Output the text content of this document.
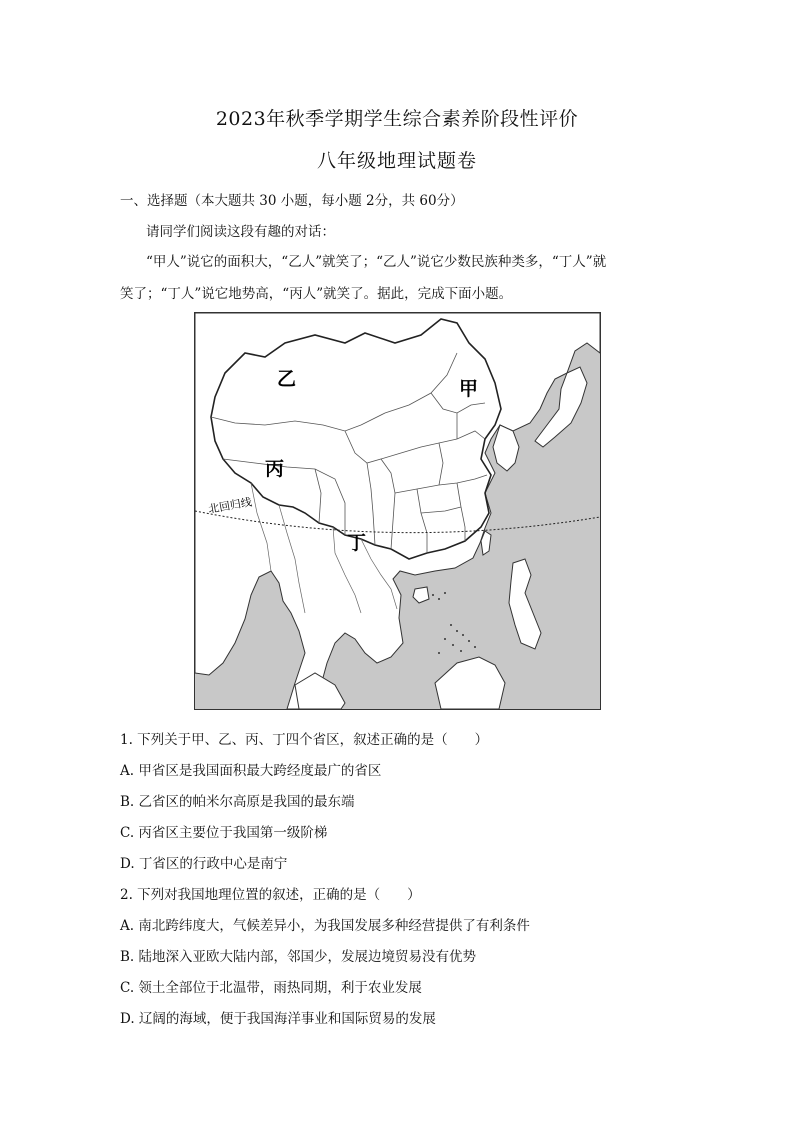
2023年秋季学期学生综合素养阶段性评价
八年级地理试题卷
一、选择题（本大题共 30 小题，每小题 2分，共 60分）
请同学们阅读这段有趣的对话：
“甲人”说它的面积大，“乙人”就笑了；“乙人”说它少数民族种类多，“丁人”就
笑了；“丁人”说它地势高，“丙人”就笑了。据此，完成下面小题。
北回归线
甲
乙
丙
丁
1. 下列关于甲、乙、丙、丁四个省区，叙述正确的是（　　）
A. 甲省区是我国面积最大跨经度最广的省区
B. 乙省区的帕米尔高原是我国的最东端
C. 丙省区主要位于我国第一级阶梯
D. 丁省区的行政中心是南宁
2. 下列对我国地理位置的叙述，正确的是（　　）
A. 南北跨纬度大，气候差异小，为我国发展多种经营提供了有利条件
B. 陆地深入亚欧大陆内部，邻国少，发展边境贸易没有优势
C. 领土全部位于北温带，雨热同期，利于农业发展
D. 辽阔的海域，便于我国海洋事业和国际贸易的发展
